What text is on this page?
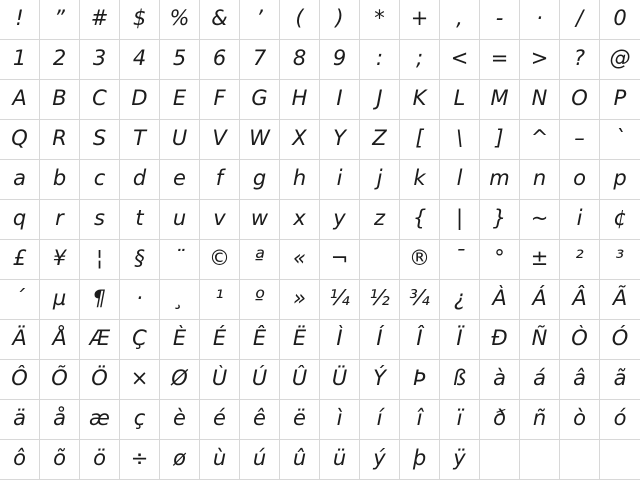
! ” # $ % & ’ ( ) * + , - · / 0
1 2 3 4 5 6 7 8 9 : ; < = > ? @
A B C D E F G H I J K L M N O P
Q R S T U V W X Y Z [ \ ] ^ – `
a b c d e f g h i j k l m n o p
q r s t u v w x y z { | } ~ i ¢
£ ¥ ¦ § ¨ © ª « ¬	® ¯ ° ± ² ³
´ µ ¶ · ¸ ¹ º » ¼ ½ ¾ ¿ À Á Â Ã
Ä Å Æ Ç È É Ê Ë Ì Í Î Ï Ð Ñ Ò Ó
Ô Õ Ö × Ø Ù Ú Û Ü Ý Þ ß à á â ã
ä å æ ç è é ê ë ì í î ï ð ñ ò ó
ô õ ö ÷ ø ù ú û ü ý þ ÿ
